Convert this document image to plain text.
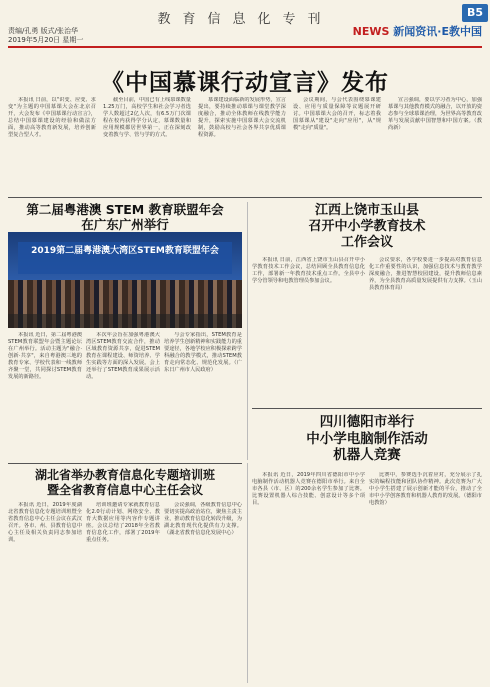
教育信息化专刊	B5
责编/孔勇 版式/张治华
2019年5月20日 星期一
NEWS 新闻资讯·E教中国
《中国慕课行动宣言》发布

本报讯 日前，以"识变、应变、求变"为主题的中国慕课大会在北京召开，大会发布《中国慕课行动宣言》，总结中国慕课建设的经验和做法方面，推动高等教育新发展，培养创新型复合型人才。

截至目前，中国已有上线慕课数量1.25万门，高校学生和社会学习者选学人数超过2亿人次，有6.5万门次课程在校内获得学分认定，慕课数量和应用规模都居世界第一，正在深刻改变着教与学、管与学的方式。

慕课建设面临新的发展形势，宣言提出，要持续推动慕课与课堂教学深度融合，推动全体教师在线教学能力提升，探索实施中国慕课大会交流机制，鼓励高校与社会各界共享优质课程资源。

会议期间，与会代表围绕慕课建设、应用与质量保障等议题展开研讨。中国慕课大会的召开，标志着我国慕课从"建设"走向"应用"，从"规模"走向"质量"。

宣言强调，要以学习者为中心，加强慕课与其他教育模式的融合，以开放的姿态参与全球慕课治理，为世界高等教育改革与发展贡献中国智慧和中国方案。（教尚新）

第二届粤港澳 STEM 教育联盟年会
在广东广州举行
2019第二届粤港澳大湾区STEM教育联盟年会

本报讯 近日，第二届粤港澳STEM教育联盟年会暨主题论坛在广州举行。活动主题为"融合·创新·共享"，来自粤港澳三地的教育专家、学校代表和一线教师齐聚一堂，共同探讨STEM教育发展的新路径。

本次年会旨在加强粤港澳大湾区STEM教育交流合作，推动区域教育资源共享，促进STEM教育在课程建设、师资培养、学生实践等方面的深入发展。会上还举行了STEM教育成果展示活动。

与会专家指出，STEM教育是培养学生创新精神和实践能力的重要途径，各地学校应积极探索跨学科融合的教学模式，推动STEM教育走向常态化、规范化发展。（广东日广州市人民政府）

江西上饶市玉山县
召开中小学教育技术
工作会议

本报讯 日前，江西省上饶市玉山县召开中小学教育技术工作会议，总结回顾全县教育信息化工作，部署新一年教育技术重点工作。全县中小学分管领导和电教管理员参加会议。

会议要求，各学校要进一步提高对教育信息化工作重要性的认识，加强信息技术与教育教学深度融合，推进智慧校园建设，提升教师信息素养，为全县教育高质量发展提供有力支撑。（玉山县教育体育局）

四川德阳市举行
中小学电脑制作活动
机器人竞赛

本报讯 近日，2019年四川省德阳市中小学电脑制作活动机器人竞赛在德阳市举行。来自全市各县（市、区）的200余名学生参加了比赛。比赛设置机器人综合技能、创意设计等多个项目。

比赛中，参赛选手沉着应对，充分展示了扎实的编程技能和团队协作精神。此次竞赛为广大中小学生搭建了展示创新才能的平台，推动了全市中小学创客教育和机器人教育的发展。（德阳市电教馆）

湖北省举办教育信息化专题培训班
暨全省教育信息中心主任会议

本报讯 近日，2019年度湖北省教育信息化专题培训班暨全省教育信息中心主任会议在武汉召开。各市、州、县教育信息中心主任及相关负责同志参加培训。

培训班邀请专家就教育信息化2.0行动计划、网络安全、教育大数据应用等内容作专题讲座。会议总结了2018年全省教育信息化工作，部署了2019年重点任务。

会议强调，各级教育信息中心要切实提高政治站位，聚焦主责主业，推动教育信息化转段升级，为湖北教育现代化提供有力支撑。（湖北省教育信息化发展中心）
